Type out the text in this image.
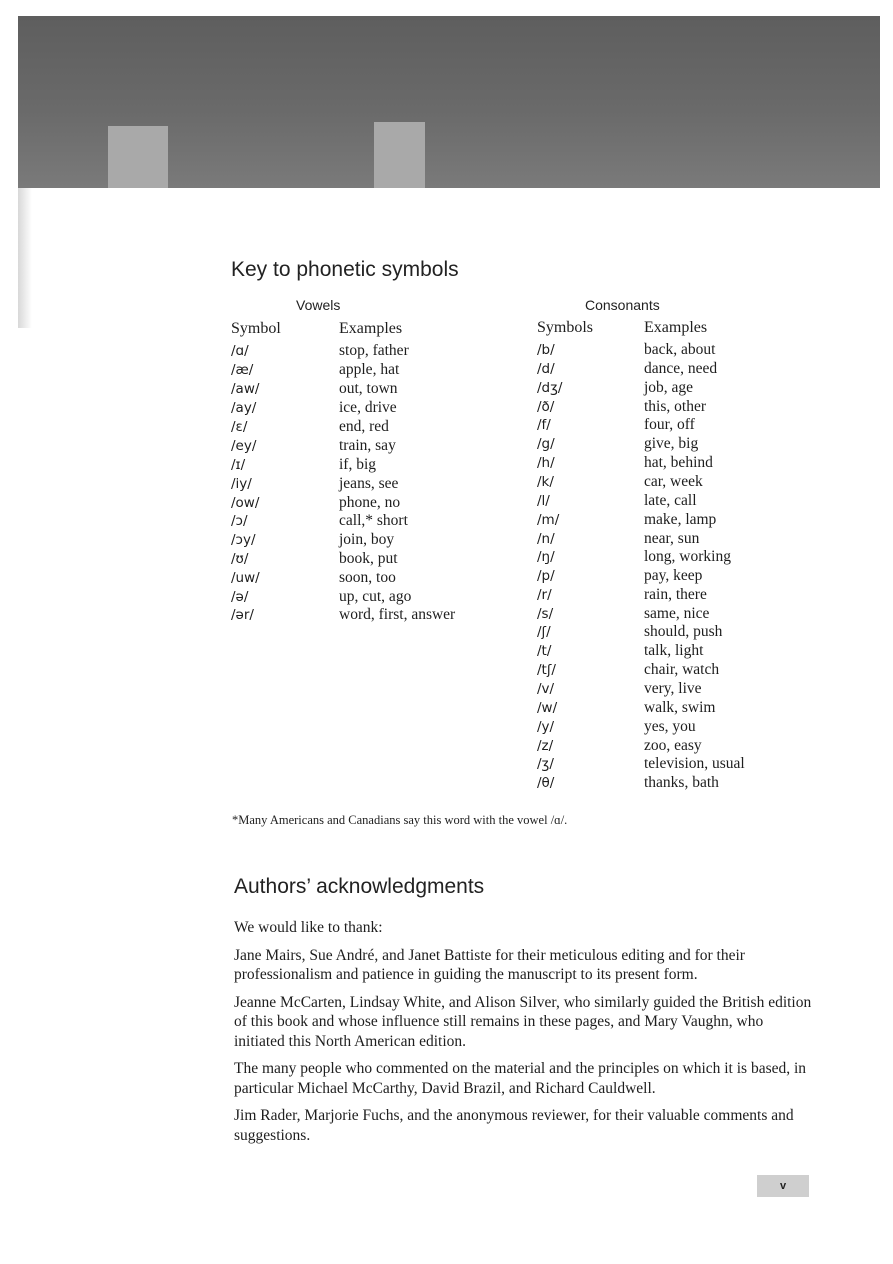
Key to phonetic symbols
Vowels	Consonants
Symbol	Examples	Symbols	Examples
/ɑ/	stop, father
/æ/	apple, hat
/aw/	out, town
/ay/	ice, drive
/ɛ/	end, red
/ey/	train, say
/ɪ/	if, big
/iy/	jeans, see
/ow/	phone, no
/ɔ/	call,* short
/ɔy/	join, boy
/ʊ/	book, put
/uw/	soon, too
/ə/	up, cut, ago
/ər/	word, first, answer
/b/	back, about
/d/	dance, need
/dʒ/	job, age
/ð/	this, other
/f/	four, off
/g/	give, big
/h/	hat, behind
/k/	car, week
/l/	late, call
/m/	make, lamp
/n/	near, sun
/ŋ/	long, working
/p/	pay, keep
/r/	rain, there
/s/	same, nice
/ʃ/	should, push
/t/	talk, light
/tʃ/	chair, watch
/v/	very, live
/w/	walk, swim
/y/	yes, you
/z/	zoo, easy
/ʒ/	television, usual
/θ/	thanks, bath

*Many Americans and Canadians say this word with the vowel /ɑ/.

Authors’ acknowledgments

We would like to thank:

Jane Mairs, Sue André, and Janet Battiste for their meticulous editing and for their professionalism and patience in guiding the manuscript to its present form.

Jeanne McCarten, Lindsay White, and Alison Silver, who similarly guided the British edition of this book and whose influence still remains in these pages, and Mary Vaughn, who initiated this North American edition.

The many people who commented on the material and the principles on which it is based, in particular Michael McCarthy, David Brazil, and Richard Cauldwell.

Jim Rader, Marjorie Fuchs, and the anonymous reviewer, for their valuable comments and suggestions.

v
